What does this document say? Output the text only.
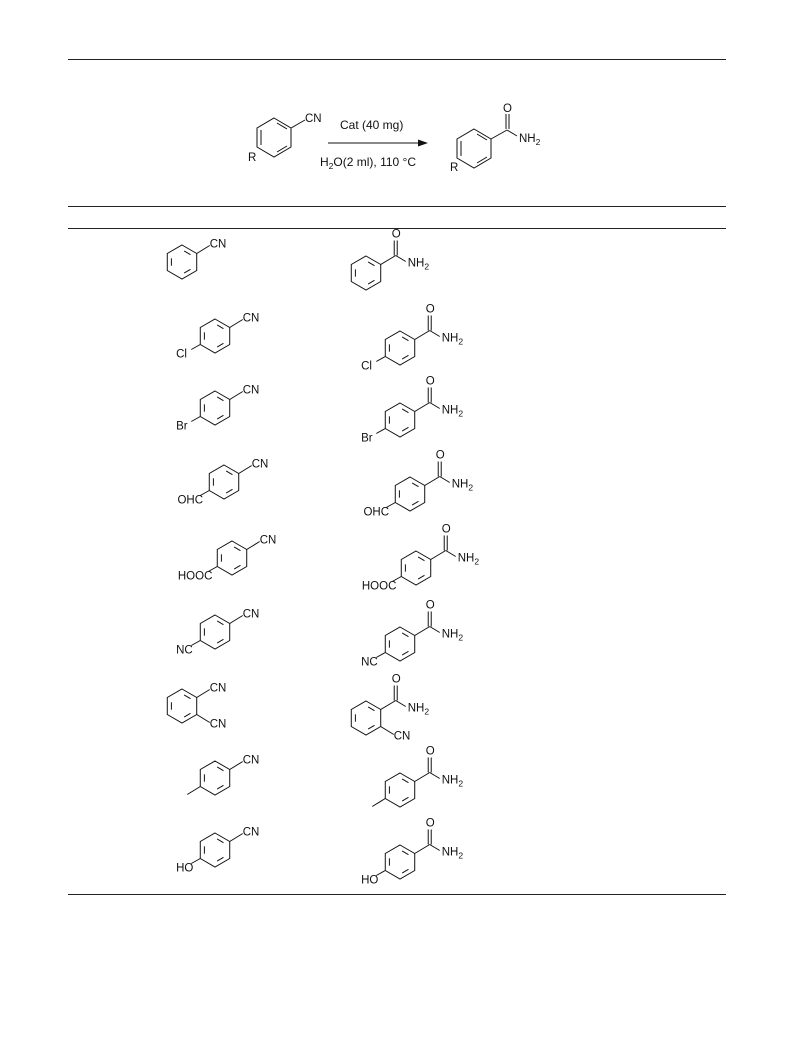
CN
R
Cat (40 mg)
$H_2O(2$ ml), 110 °C
O
$NH_2$
R
CN
O
$NH_2$
CN
Cl
O
$NH_2$
Cl
CN
Br
O
$NH_2$
Br
CN
OHC
O
$NH_2$
OHC
CN
HOOC
O
$NH_2$
HOOC
CN
NC
O
$NH_2$
NC
CN
CN
O
$NH_2$
CN
CN
O
$NH_2$
CN
HO
O
$NH_2$
HO
